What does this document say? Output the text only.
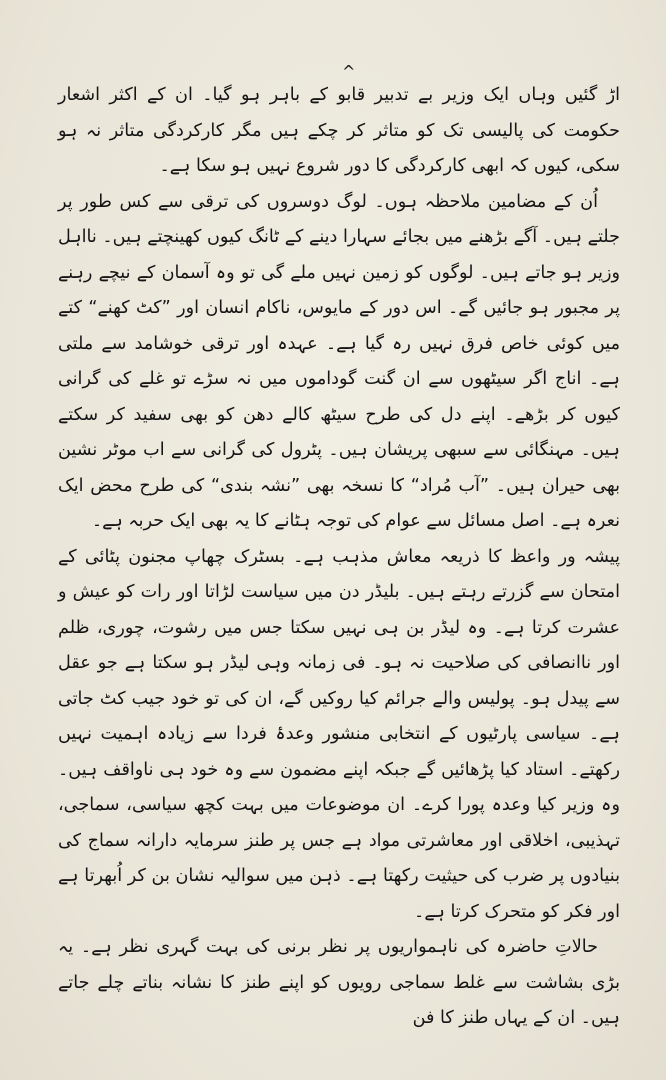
^

اڑ گئیں وہاں ایک وزیر بے تدبیر قابو کے باہر ہو گیا۔ ان کے اکثر اشعار حکومت کی پالیسی تک کو متاثر کر چکے ہیں مگر کارکردگی متاثر نہ ہو سکی، کیوں کہ ابھی کارکردگی کا دور شروع نہیں ہو سکا ہے۔

اُن کے مضامین ملاحظہ ہوں۔ لوگ دوسروں کی ترقی سے کس طور پر جلتے ہیں۔ آگے بڑھنے میں بجائے سہارا دینے کے ٹانگ کیوں کھینچتے ہیں۔ نااہل وزیر ہو جاتے ہیں۔ لوگوں کو زمین نہیں ملے گی تو وہ آسمان کے نیچے رہنے پر مجبور ہو جائیں گے۔ اس دور کے مایوس، ناکام انسان اور ”کٹ کھنے“ کتے میں کوئی خاص فرق نہیں رہ گیا ہے۔ عہدہ اور ترقی خوشامد سے ملتی ہے۔ اناج اگر سیٹھوں سے ان گنت گوداموں میں نہ سڑے تو غلے کی گرانی کیوں کر بڑھے۔ اپنے دل کی طرح سیٹھ کالے دھن کو بھی سفید کر سکتے ہیں۔ مہنگائی سے سبھی پریشان ہیں۔ پٹرول کی گرانی سے اب موٹر نشین بھی حیران ہیں۔ ”آب مُراد“ کا نسخہ بھی ”نشہ بندی“ کی طرح محض ایک نعرہ ہے۔ اصل مسائل سے عوام کی توجہ ہٹانے کا یہ بھی ایک حربہ ہے۔

پیشہ ور واعظ کا ذریعہ معاش مذہب ہے۔ بسٹرک چھاپ مجنون پٹائی کے امتحان سے گزرتے رہتے ہیں۔ بلیڈر دن میں سیاست لڑاتا اور رات کو عیش و عشرت کرتا ہے۔ وہ لیڈر بن ہی نہیں سکتا جس میں رشوت، چوری، ظلم اور ناانصافی کی صلاحیت نہ ہو۔ فی زمانہ وہی لیڈر ہو سکتا ہے جو عقل سے پیدل ہو۔ پولیس والے جرائم کیا روکیں گے، ان کی تو خود جیب کٹ جاتی ہے۔ سیاسی پارٹیوں کے انتخابی منشور وعدۂ فردا سے زیادہ اہمیت نہیں رکھتے۔ استاد کیا پڑھائیں گے جبکہ اپنے مضمون سے وہ خود ہی ناواقف ہیں۔ وہ وزیر کیا وعدہ پورا کرے۔ ان موضوعات میں بہت کچھ سیاسی، سماجی، تہذیبی، اخلاقی اور معاشرتی مواد ہے جس پر طنز سرمایہ دارانہ سماج کی بنیادوں پر ضرب کی حیثیت رکھتا ہے۔ ذہن میں سوالیہ نشان بن کر اُبھرتا ہے اور فکر کو متحرک کرتا ہے۔

حالاتِ حاضرہ کی ناہمواریوں پر نظر برنی کی بہت گہری نظر ہے۔ یہ بڑی بشاشت سے غلط سماجی رویوں کو اپنے طنز کا نشانہ بناتے چلے جاتے ہیں۔ ان کے یہاں طنز کا فن
